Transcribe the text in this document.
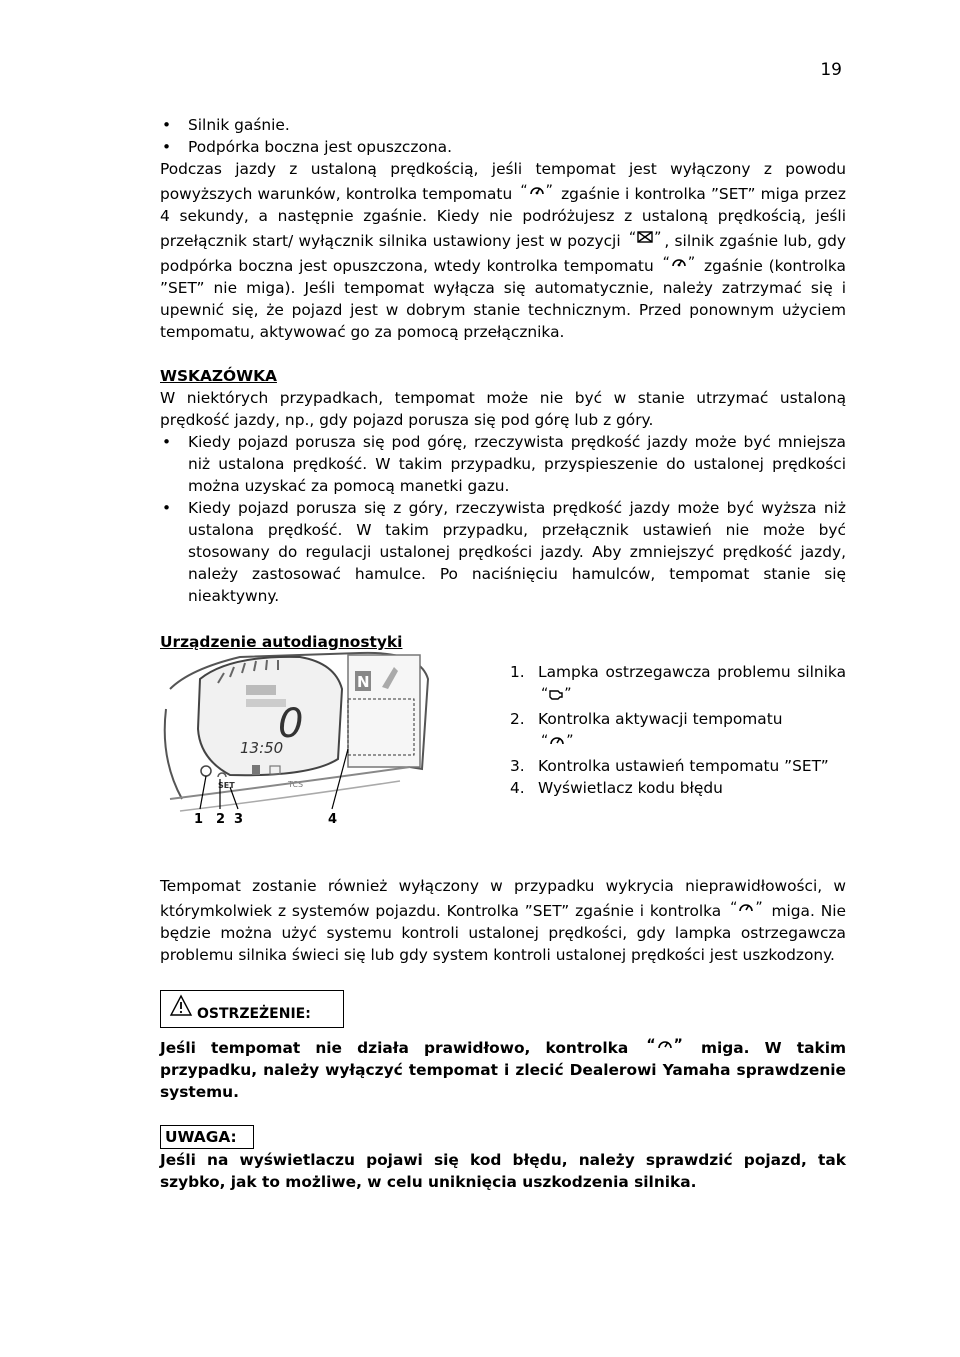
19
• Silnik gaśnie.
• Podpórka boczna jest opuszczona.

Podczas jazdy z ustaloną prędkością, jeśli tempomat jest wyłączony z powodu powyższych warunków, kontrolka tempomatu “ ” zgaśnie i kontrolka ”SET” miga przez 4 sekundy, a następnie zgaśnie. Kiedy nie podróżujesz z ustaloną prędkością, jeśli przełącznik start/ wyłącznik silnika ustawiony jest w pozycji “ ” , silnik zgaśnie lub, gdy podpórka boczna jest opuszczona, wtedy kontrolka tempomatu “ ” zgaśnie (kontrolka ”SET” nie miga). Jeśli tempomat wyłącza się automatycznie, należy zatrzymać się i upewnić się, że pojazd jest w dobrym stanie technicznym. Przed ponownym użyciem tempomatu, aktywować go za pomocą przełącznika.

WSKAZÓWKA

W niektórych przypadkach, tempomat może nie być w stanie utrzymać ustaloną prędkość jazdy, np., gdy pojazd porusza się pod górę lub z góry.

• Kiedy pojazd porusza się pod górę, rzeczywista prędkość jazdy może być mniejsza niż ustalona prędkość. W takim przypadku, przyspieszenie do ustalonej prędkości można uzyskać za pomocą manetki gazu.
• Kiedy pojazd porusza się z góry, rzeczywista prędkość jazdy może być wyższa niż ustalona prędkość. W takim przypadku, przełącznik ustawień nie może być stosowany do regulacji ustalonej prędkości jazdy. Aby zmniejszyć prędkość jazdy, należy zastosować hamulce. Po naciśnięciu hamulców, tempomat stanie się nieaktywny.
Urządzenie autodiagnostyki
0
13:50
N
SET	TCS
1 2 3	4
1. Lampka ostrzegawcza problemu silnika“ ”
2. Kontrolka aktywacji tempomatu
“ ”
3. Kontrolka ustawień tempomatu ”SET”
4. Wyświetlacz kodu błędu

Tempomat zostanie również wyłączony w przypadku wykrycia nieprawidłowości, w którymkolwiek z systemów pojazdu. Kontrolka ”SET” zgaśnie i kontrolka “ ” miga. Nie będzie można użyć systemu kontroli ustalonej prędkości, gdy lampka ostrzegawcza problemu silnika świeci się lub gdy system kontroli ustalonej prędkości jest uszkodzony.

OSTRZEŻENIE:

Jeśli tempomat nie działa prawidłowo, kontrolka “ ” miga. W takim przypadku, należy wyłączyć tempomat i zlecić Dealerowi Yamaha sprawdzenie systemu.

UWAGA:

Jeśli na wyświetlaczu pojawi się kod błędu, należy sprawdzić pojazd, tak szybko, jak to możliwe, w celu uniknięcia uszkodzenia silnika.
